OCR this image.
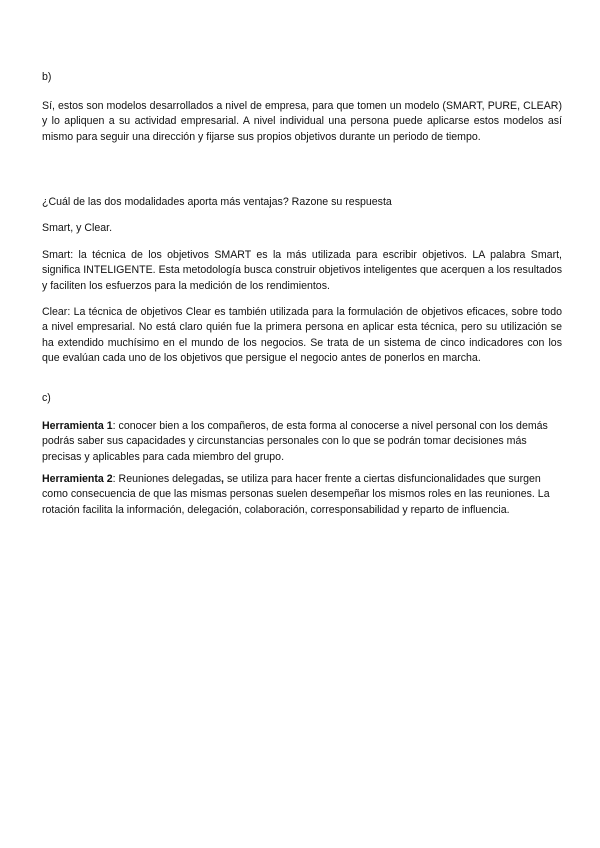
b)

Sí, estos son modelos desarrollados a nivel de empresa, para que tomen un modelo (SMART, PURE, CLEAR) y lo apliquen a su actividad empresarial. A nivel individual una persona puede aplicarse estos modelos así mismo para seguir una dirección y fijarse sus propios objetivos durante un periodo de tiempo.

¿Cuál de las dos modalidades aporta más ventajas? Razone su respuesta

Smart, y Clear.

Smart: la técnica de los objetivos SMART es la más utilizada para escribir objetivos. LA palabra Smart, significa INTELIGENTE. Esta metodología busca construir objetivos inteligentes que acerquen a los resultados y faciliten los esfuerzos para la medición de los rendimientos.

Clear: La técnica de objetivos Clear es también utilizada para la formulación de objetivos eficaces, sobre todo a nivel empresarial. No está claro quién fue la primera persona en aplicar esta técnica, pero su utilización se ha extendido muchísimo en el mundo de los negocios. Se trata de un sistema de cinco indicadores con los que evalúan cada uno de los objetivos que persigue el negocio antes de ponerlos en marcha.

c)

Herramienta 1: conocer bien a los compañeros, de esta forma al conocerse a nivel personal con los demás podrás saber sus capacidades y circunstancias personales con lo que se podrán tomar decisiones más precisas y aplicables para cada miembro del grupo.

Herramienta 2: Reuniones delegadas, se utiliza para hacer frente a ciertas disfuncionalidades que surgen como consecuencia de que las mismas personas suelen desempeñar los mismos roles en las reuniones. La rotación facilita la información, delegación, colaboración, corresponsabilidad y reparto de influencia.
